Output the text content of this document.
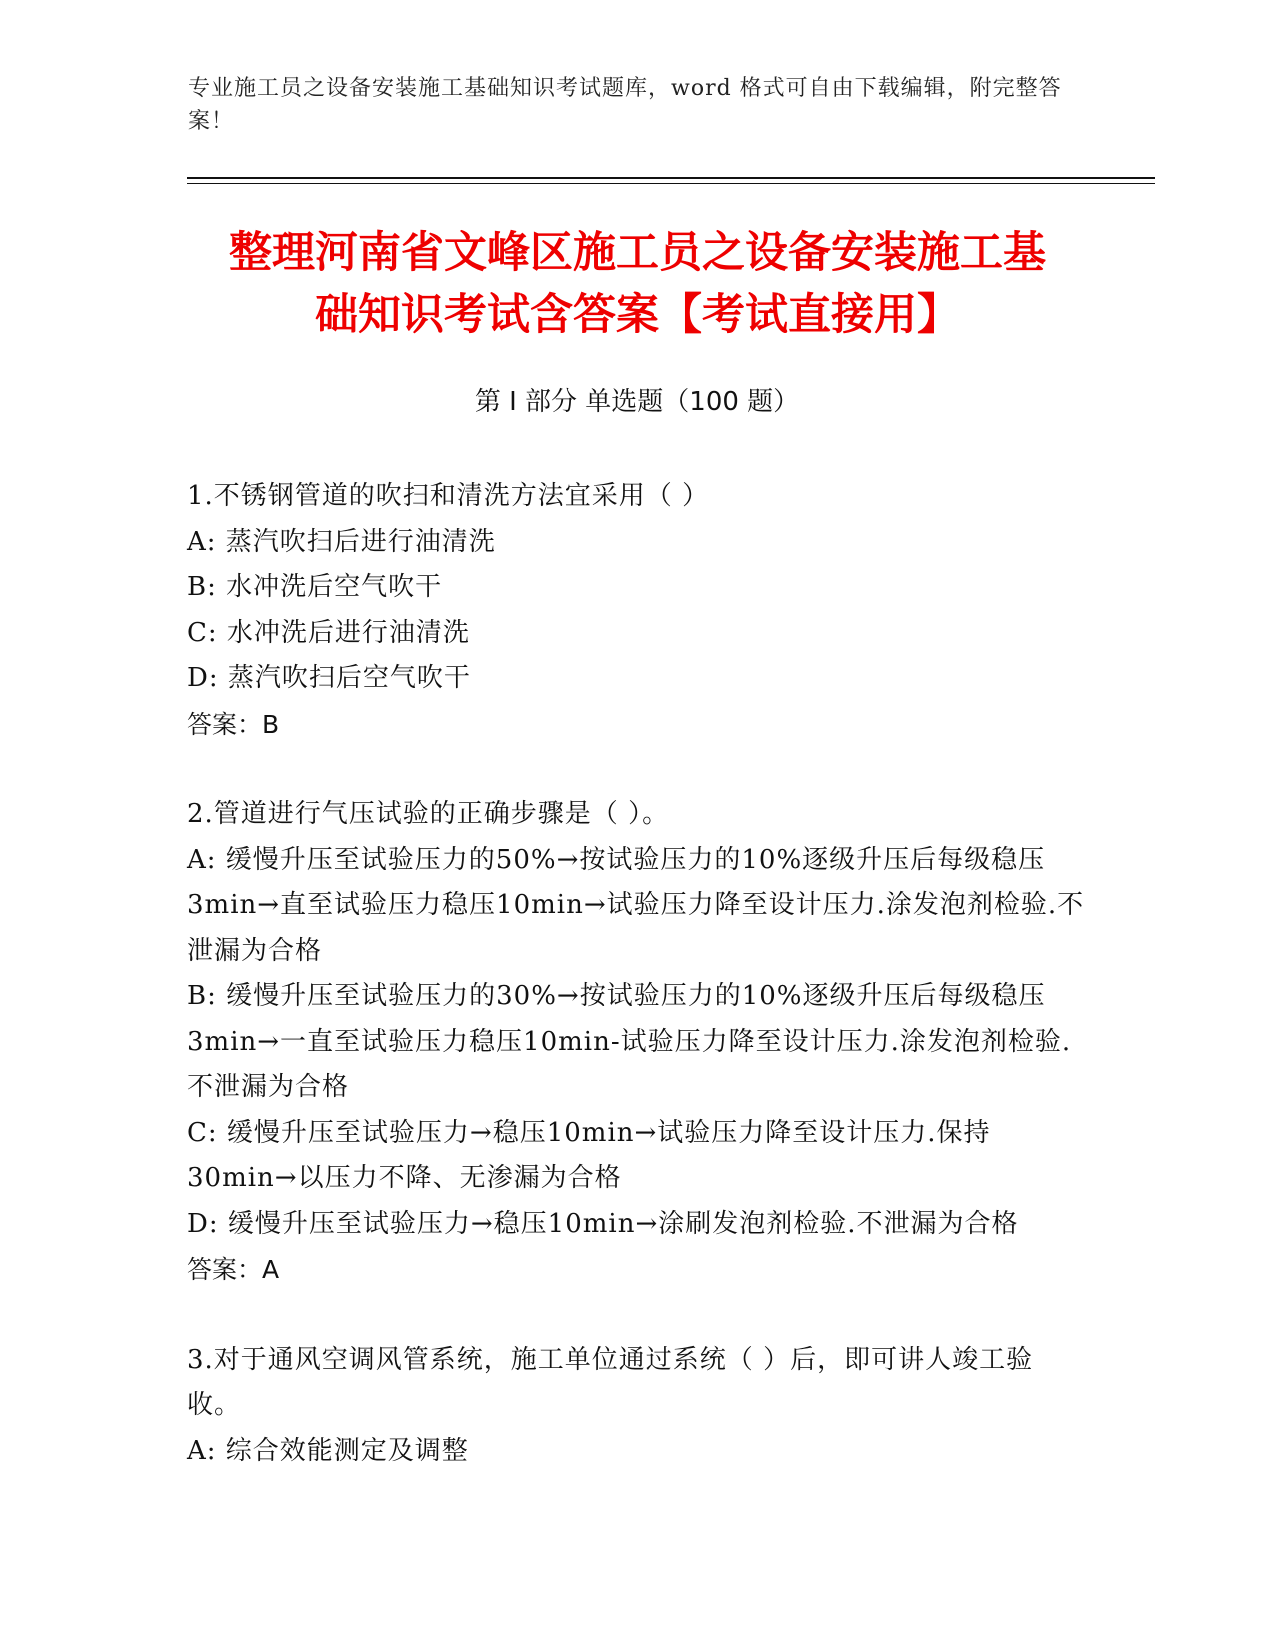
专业施工员之设备安装施工基础知识考试题库，word 格式可自由下载编辑，附完整答案！
整理河南省文峰区施工员之设备安装施工基
础知识考试含答案【考试直接用】
第 I 部分 单选题（100 题）
1.不锈钢管道的吹扫和清洗方法宜采用（ ）
A: 蒸汽吹扫后进行油清洗
B: 水冲洗后空气吹干
C: 水冲洗后进行油清洗
D: 蒸汽吹扫后空气吹干
答案：B
2.管道进行气压试验的正确步骤是（ ）。
A: 缓慢升压至试验压力的50%→按试验压力的10%逐级升压后每级稳压3min→直至试验压力稳压10min→试验压力降至设计压力.涂发泡剂检验.不泄漏为合格
B: 缓慢升压至试验压力的30%→按试验压力的10%逐级升压后每级稳压3min→一直至试验压力稳压10min-试验压力降至设计压力.涂发泡剂检验.不泄漏为合格
C: 缓慢升压至试验压力→稳压10min→试验压力降至设计压力.保持30min→以压力不降、无渗漏为合格
D: 缓慢升压至试验压力→稳压10min→涂刷发泡剂检验.不泄漏为合格
答案：A
3.对于通风空调风管系统，施工单位通过系统（ ）后，即可讲人竣工验收。
A: 综合效能测定及调整
